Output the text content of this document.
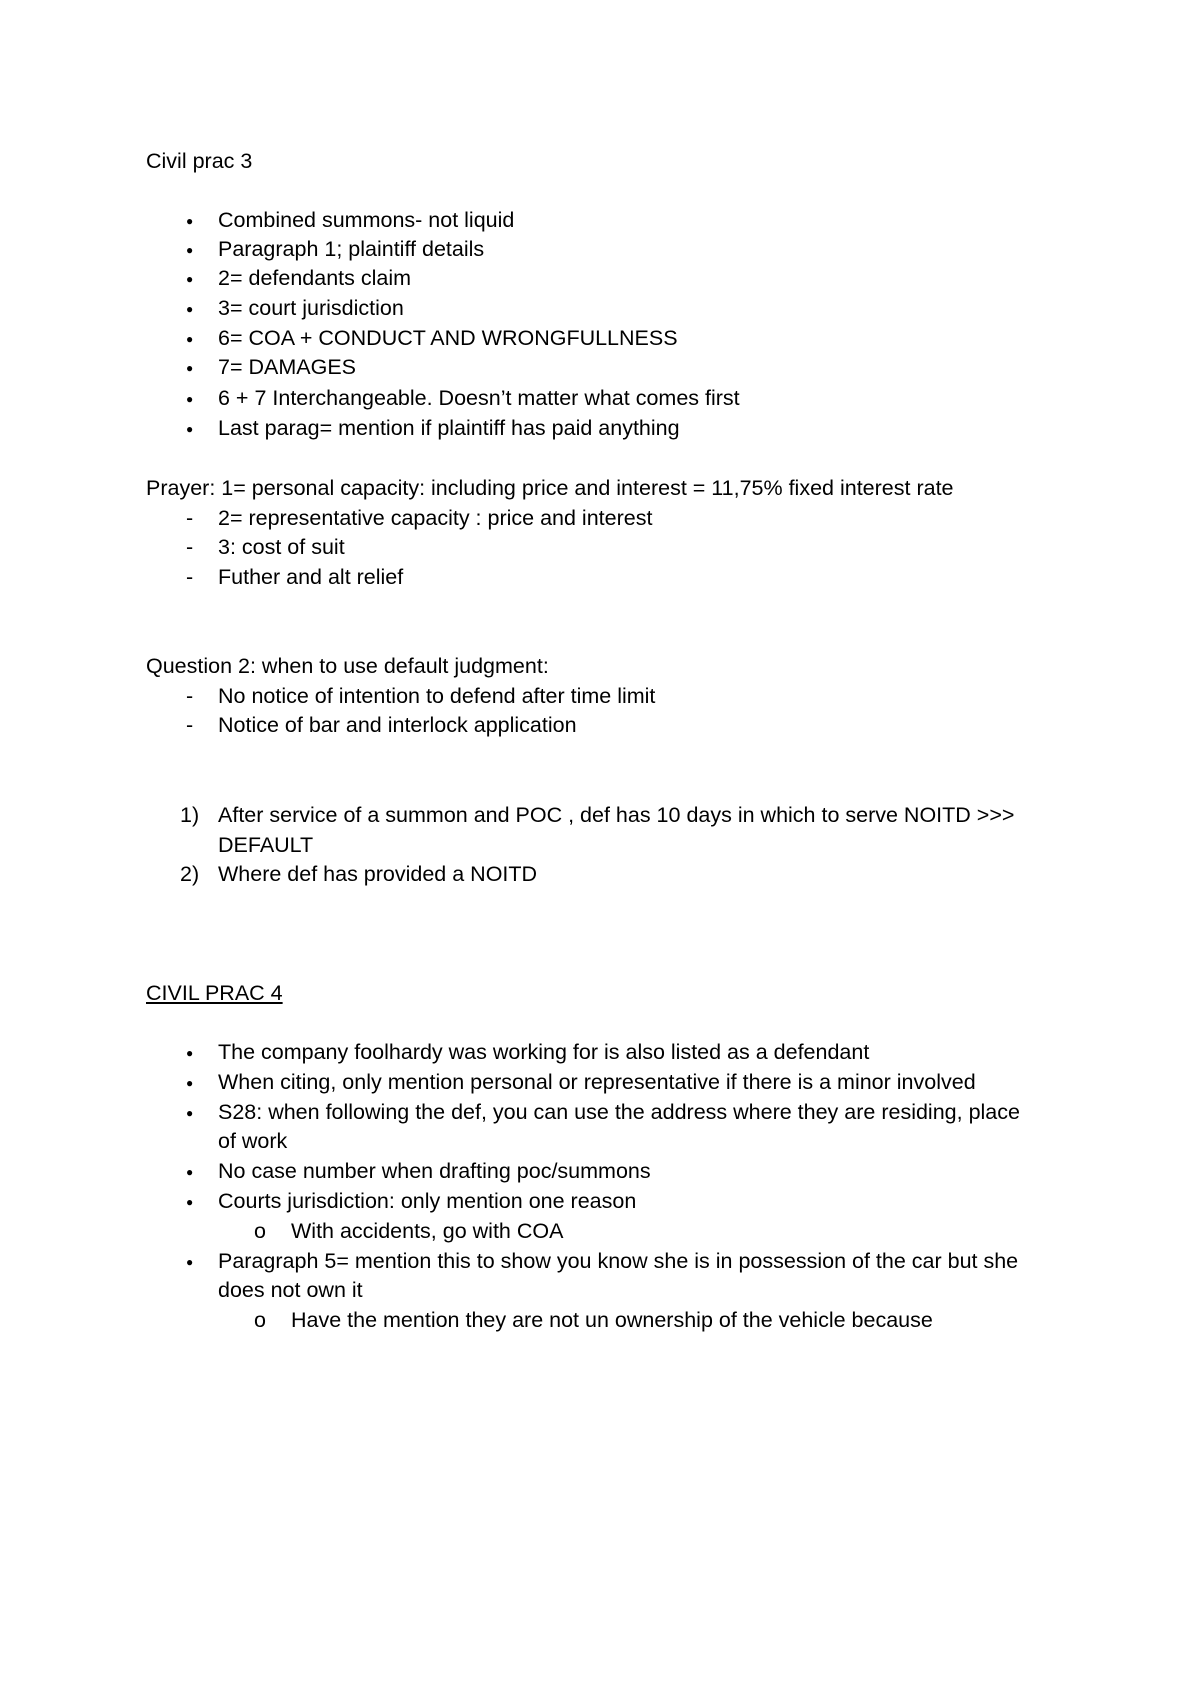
Civil prac 3
●
Combined summons- not liquid
●
Paragraph 1; plaintiff details
●
2= defendants claim
●
3= court jurisdiction
●
6= COA + CONDUCT AND WRONGFULLNESS
●
7= DAMAGES
●
6 + 7 Interchangeable. Doesn’t matter what comes first
●
Last parag= mention if plaintiff has paid anything
Prayer: 1= personal capacity: including price and interest = 11,75% fixed interest rate
-
2= representative capacity : price and interest
-
3: cost of suit
-
Futher and alt relief
Question 2: when to use default judgment:
-
No notice of intention to defend after time limit
-
Notice of bar and interlock application
1) After service of a summon and POC , def has 10 days in which to serve NOITD >>>
DEFAULT
2) Where def has provided a NOITD
CIVIL PRAC 4
●
The company foolhardy was working for is also listed as a defendant
●
When citing, only mention personal or representative if there is a minor involved
●
S28: when following the def, you can use the address where they are residing, place
of work
●
No case number when drafting poc/summons
●
Courts jurisdiction: only mention one reason
o
With accidents, go with COA
●
Paragraph 5= mention this to show you know she is in possession of the car but she
does not own it
o
Have the mention they are not un ownership of the vehicle because
